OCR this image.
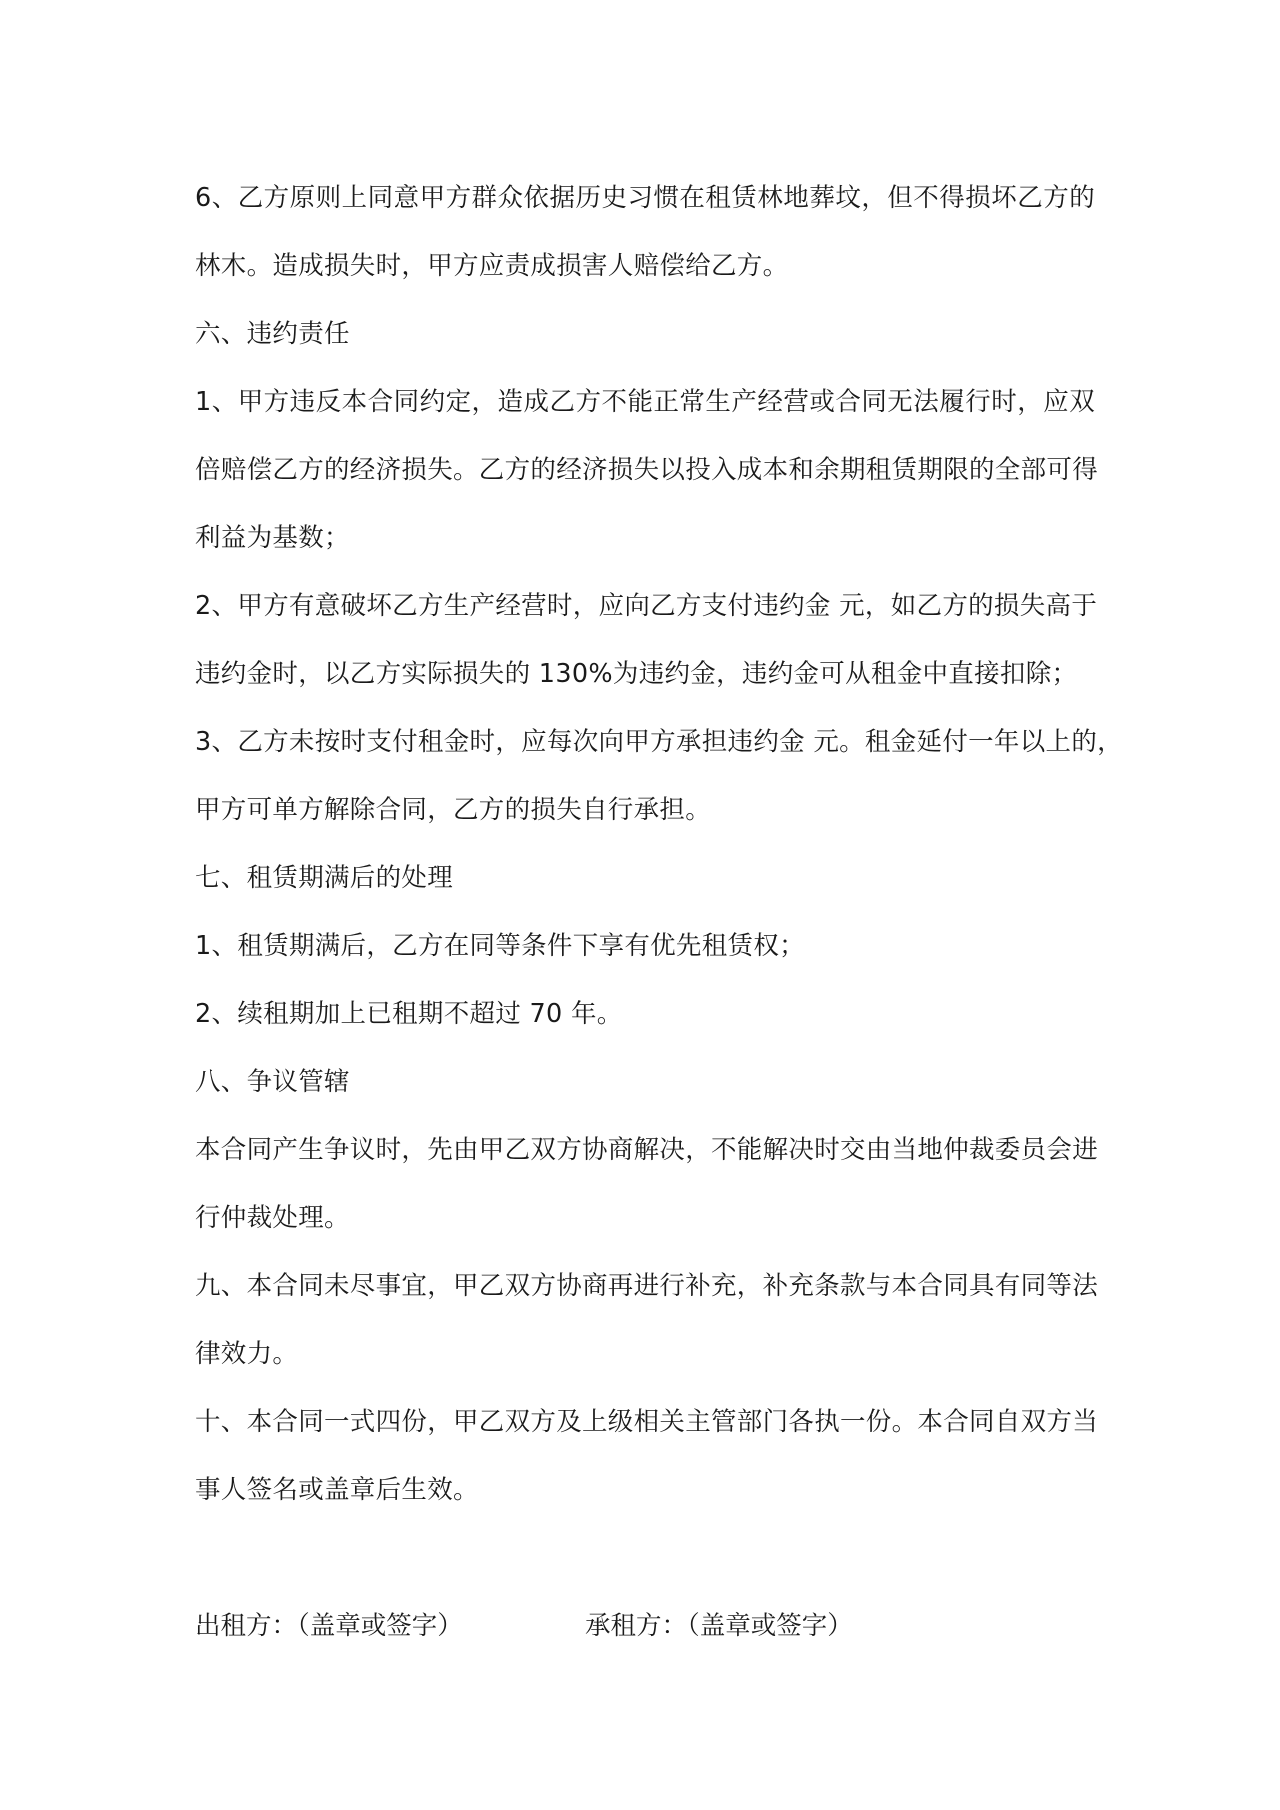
6、乙方原则上同意甲方群众依据历史习惯在租赁林地葬坟，但不得损坏乙方的

林木。造成损失时，甲方应责成损害人赔偿给乙方。

六、违约责任

1、甲方违反本合同约定，造成乙方不能正常生产经营或合同无法履行时，应双

倍赔偿乙方的经济损失。乙方的经济损失以投入成本和余期租赁期限的全部可得

利益为基数；

2、甲方有意破坏乙方生产经营时，应向乙方支付违约金 元，如乙方的损失高于

违约金时，以乙方实际损失的 130%为违约金，违约金可从租金中直接扣除；

3、乙方未按时支付租金时，应每次向甲方承担违约金 元。租金延付一年以上的，

甲方可单方解除合同，乙方的损失自行承担。

七、租赁期满后的处理

1、租赁期满后，乙方在同等条件下享有优先租赁权；

2、续租期加上已租期不超过 70 年。

八、争议管辖

本合同产生争议时，先由甲乙双方协商解决，不能解决时交由当地仲裁委员会进

行仲裁处理。

九、本合同未尽事宜，甲乙双方协商再进行补充，补充条款与本合同具有同等法

律效力。

十、本合同一式四份，甲乙双方及上级相关主管部门各执一份。本合同自双方当

事人签名或盖章后生效。

出租方：（盖章或签字）	承租方：（盖章或签字）
